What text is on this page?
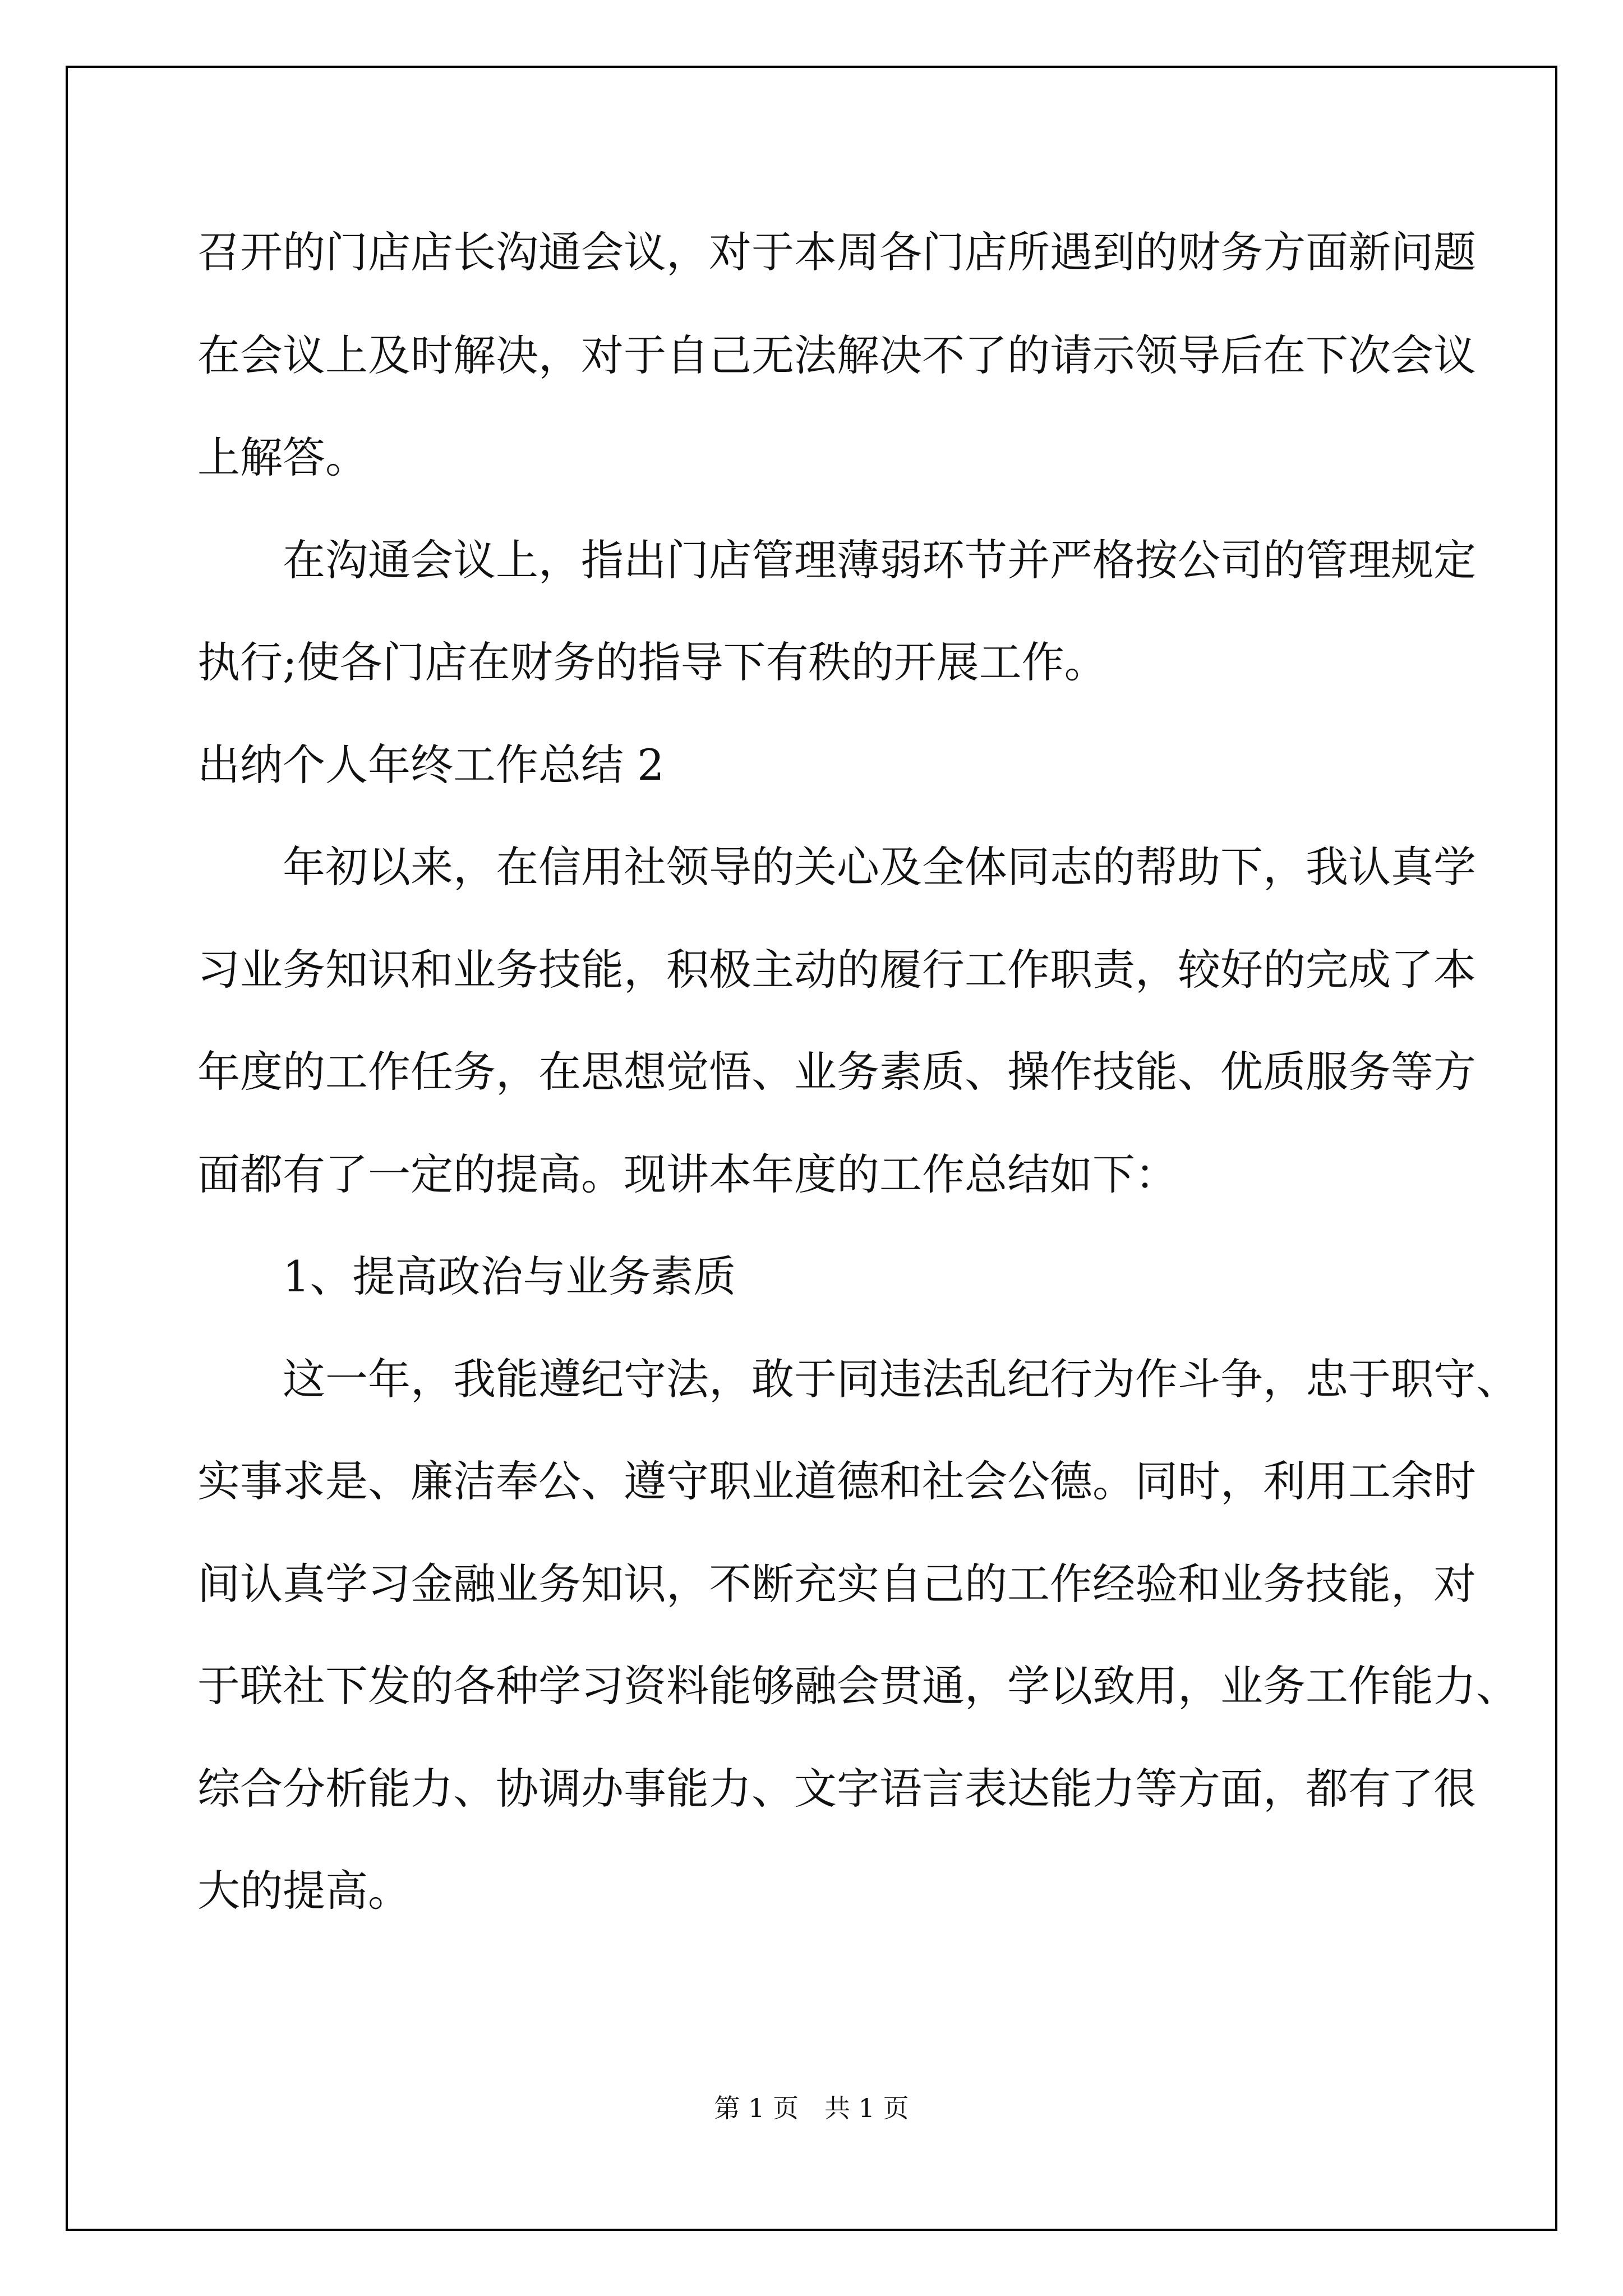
召开的门店店长沟通会议，对于本周各门店所遇到的财务方面新问题
在会议上及时解决，对于自己无法解决不了的请示领导后在下次会议
上解答。
　　在沟通会议上，指出门店管理薄弱环节并严格按公司的管理规定
执行;使各门店在财务的指导下有秩的开展工作。
出纳个人年终工作总结 2
　　年初以来，在信用社领导的关心及全体同志的帮助下，我认真学
习业务知识和业务技能，积极主动的履行工作职责，较好的完成了本
年度的工作任务，在思想觉悟、业务素质、操作技能、优质服务等方
面都有了一定的提高。现讲本年度的工作总结如下：
　　1、提高政治与业务素质
　　这一年，我能遵纪守法，敢于同违法乱纪行为作斗争，忠于职守、
实事求是、廉洁奉公、遵守职业道德和社会公德。同时，利用工余时
间认真学习金融业务知识，不断充实自己的工作经验和业务技能，对
于联社下发的各种学习资料能够融会贯通，学以致用，业务工作能力、
综合分析能力、协调办事能力、文字语言表达能力等方面，都有了很
大的提高。
第 1 页　共 1 页
